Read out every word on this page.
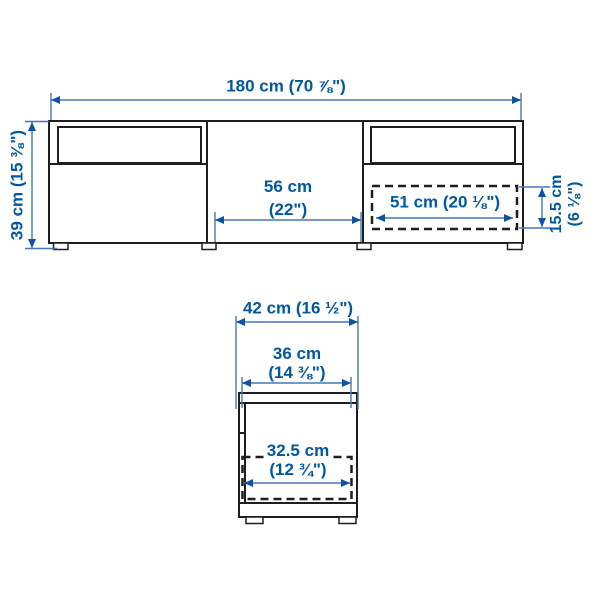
180 cm (70 ⅞")
39 cm (15 ⅜")	56 cm
(22")	51 cm (20 ⅛")	15.5 cm (6 ⅛")
42 cm (16 ½")
36 cm
(14 ⅜")
32.5 cm
(12 ¾")
